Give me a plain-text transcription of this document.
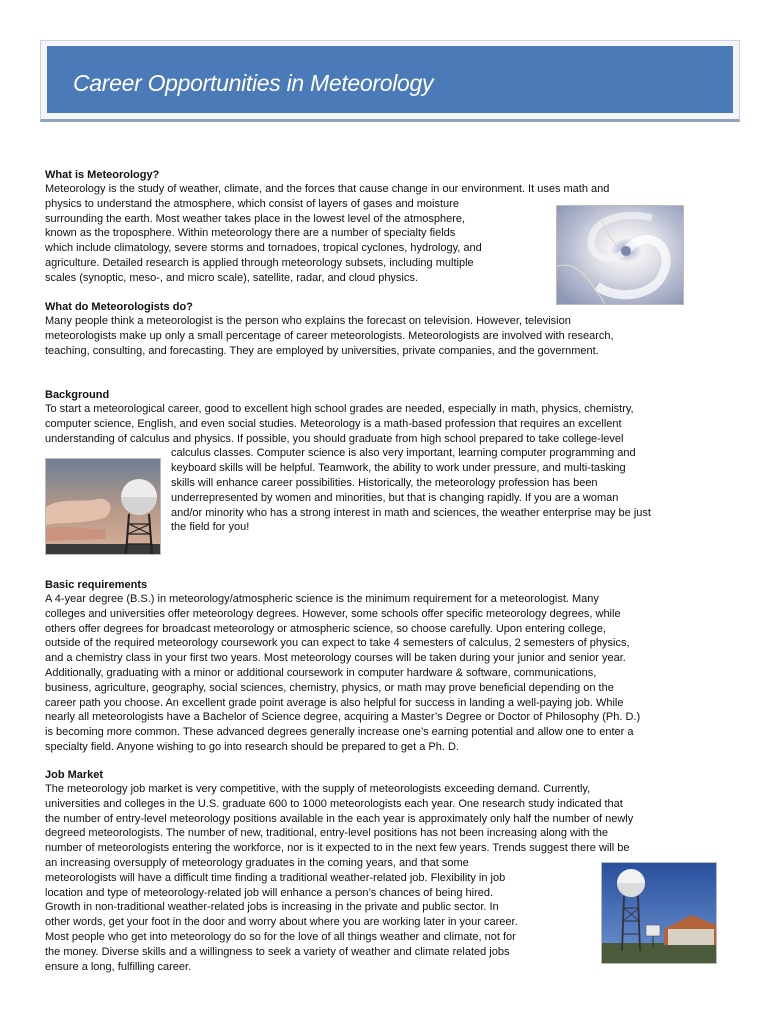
Career Opportunities in Meteorology
What is Meteorology?

Meteorology is the study of weather, climate, and the forces that cause change in our environment. It uses math and

physics to understand the atmosphere, which consist of layers of gases and moisture

surrounding the earth. Most weather takes place in the lowest level of the atmosphere,

known as the troposphere. Within meteorology there are a number of specialty fields

which include climatology, severe storms and tornadoes, tropical cyclones, hydrology, and

agriculture. Detailed research is applied through meteorology subsets, including multiple

scales (synoptic, meso-, and micro scale), satellite, radar, and cloud physics.

What do Meteorologists do?

Many people think a meteorologist is the person who explains the forecast on television. However, television

meteorologists make up only a small percentage of career meteorologists. Meteorologists are involved with research,

teaching, consulting, and forecasting. They are employed by universities, private companies, and the government.

Background

To start a meteorological career, good to excellent high school grades are needed, especially in math, physics, chemistry,

computer science, English, and even social studies. Meteorology is a math-based profession that requires an excellent

understanding of calculus and physics. If possible, you should graduate from high school prepared to take college-level

calculus classes. Computer science is also very important, learning computer programming and

keyboard skills will be helpful. Teamwork, the ability to work under pressure, and multi-tasking

skills will enhance career possibilities. Historically, the meteorology profession has been

underrepresented by women and minorities, but that is changing rapidly. If you are a woman

and/or minority who has a strong interest in math and sciences, the weather enterprise may be just

the field for you!

Basic requirements

A 4-year degree (B.S.) in meteorology/atmospheric science is the minimum requirement for a meteorologist. Many

colleges and universities offer meteorology degrees. However, some schools offer specific meteorology degrees, while

others offer degrees for broadcast meteorology or atmospheric science, so choose carefully. Upon entering college,

outside of the required meteorology coursework you can expect to take 4 semesters of calculus, 2 semesters of physics,

and a chemistry class in your first two years. Most meteorology courses will be taken during your junior and senior year.

Additionally, graduating with a minor or additional coursework in computer hardware & software, communications,

business, agriculture, geography, social sciences, chemistry, physics, or math may prove beneficial depending on the

career path you choose. An excellent grade point average is also helpful for success in landing a well-paying job. While

nearly all meteorologists have a Bachelor of Science degree, acquiring a Master’s Degree or Doctor of Philosophy (Ph. D.)

is becoming more common. These advanced degrees generally increase one’s earning potential and allow one to enter a

specialty field. Anyone wishing to go into research should be prepared to get a Ph. D.

Job Market

The meteorology job market is very competitive, with the supply of meteorologists exceeding demand. Currently,

universities and colleges in the U.S. graduate 600 to 1000 meteorologists each year. One research study indicated that

the number of entry-level meteorology positions available in the each year is approximately only half the number of newly

degreed meteorologists. The number of new, traditional, entry-level positions has not been increasing along with the

number of meteorologists entering the workforce, nor is it expected to in the next few years. Trends suggest there will be

an increasing oversupply of meteorology graduates in the coming years, and that some

meteorologists will have a difficult time finding a traditional weather-related job. Flexibility in job

location and type of meteorology-related job will enhance a person’s chances of being hired.

Growth in non-traditional weather-related jobs is increasing in the private and public sector. In

other words, get your foot in the door and worry about where you are working later in your career.

Most people who get into meteorology do so for the love of all things weather and climate, not for

the money. Diverse skills and a willingness to seek a variety of weather and climate related jobs

ensure a long, fulfilling career.
